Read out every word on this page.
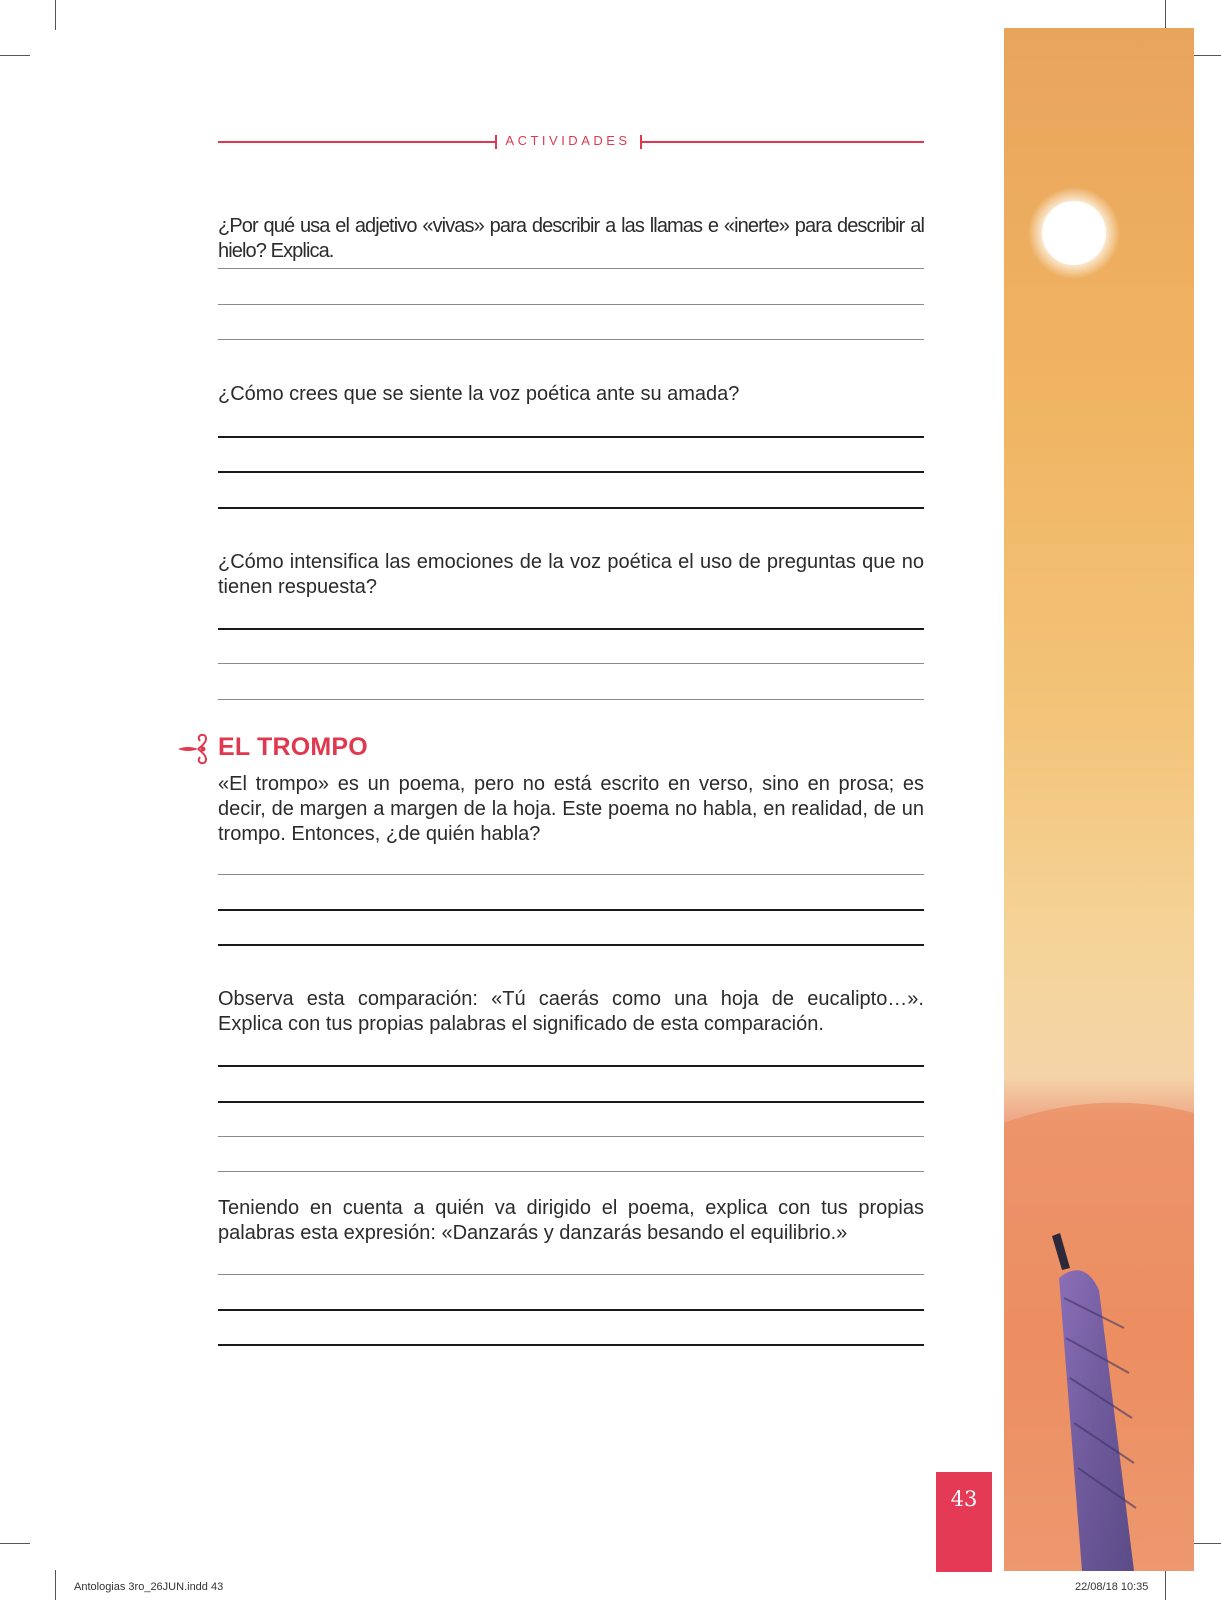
ACTIVIDADES
¿Por qué usa el adjetivo «vivas» para describir a las llamas e «inerte» para describir al hielo? Explica.
¿Cómo crees que se siente la voz poética ante su amada?
¿Cómo intensifica las emociones de la voz poética el uso de preguntas que no tienen respuesta?
EL TROMPO
«El trompo» es un poema, pero no está escrito en verso, sino en prosa; es decir, de margen a margen de la hoja. Este poema no habla, en realidad, de un trompo. Entonces, ¿de quién habla?
Observa esta comparación: «Tú caerás como una hoja de eucalipto…». Explica con tus propias palabras el significado de esta comparación.
Teniendo en cuenta a quién va dirigido el poema, explica con tus propias palabras esta expresión: «Danzarás y danzarás besando el equilibrio.»
43
Antologias 3ro_26JUN.indd 43	22/08/18 10:35
